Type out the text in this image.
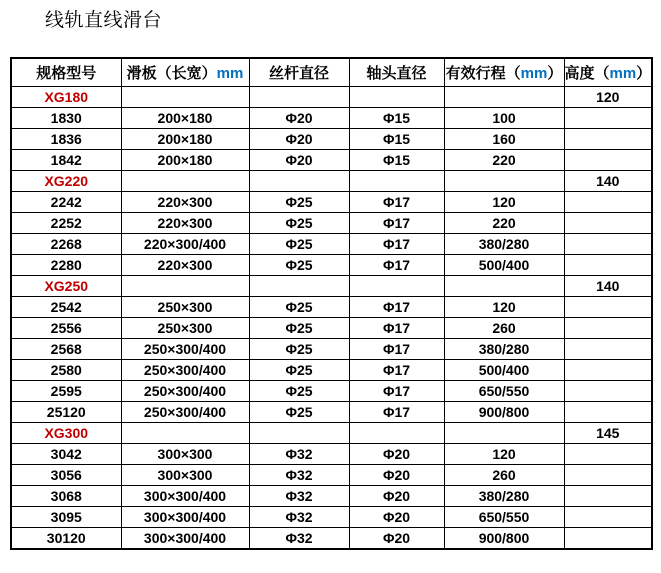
线轨直线滑台
规格型号	滑板（长宽）mm	丝杆直径	轴头直径	有效行程（mm）	高度（mm）
XG180					120
1830	200×180	Φ20	Φ15	100	
1836	200×180	Φ20	Φ15	160	
1842	200×180	Φ20	Φ15	220	
XG220					140
2242	220×300	Φ25	Φ17	120	
2252	220×300	Φ25	Φ17	220	
2268	220×300/400	Φ25	Φ17	380/280	
2280	220×300	Φ25	Φ17	500/400	
XG250					140
2542	250×300	Φ25	Φ17	120	
2556	250×300	Φ25	Φ17	260	
2568	250×300/400	Φ25	Φ17	380/280	
2580	250×300/400	Φ25	Φ17	500/400	
2595	250×300/400	Φ25	Φ17	650/550	
25120	250×300/400	Φ25	Φ17	900/800	
XG300					145
3042	300×300	Φ32	Φ20	120	
3056	300×300	Φ32	Φ20	260	
3068	300×300/400	Φ32	Φ20	380/280	
3095	300×300/400	Φ32	Φ20	650/550	
30120	300×300/400	Φ32	Φ20	900/800	
